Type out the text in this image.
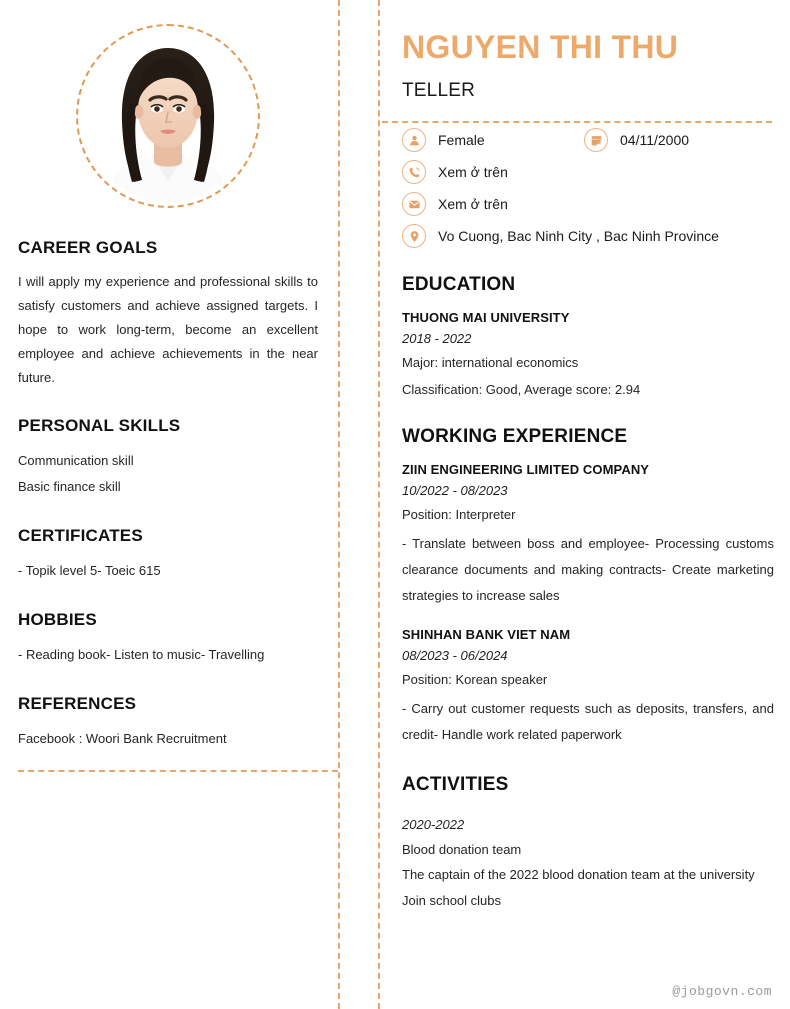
CAREER GOALS

I will apply my experience and professional skills to satisfy customers and achieve assigned targets. I hope to work long-term, become an excellent employee and achieve achievements in the near future.

PERSONAL SKILLS

Communication skill

Basic finance skill

CERTIFICATES

- Topik level 5- Toeic 615

HOBBIES

- Reading book- Listen to music- Travelling

REFERENCES

Facebook : Woori Bank Recruitment

NGUYEN THI THU
TELLER
Female	04/11/2000
Xem ở trên
Xem ở trên
Vo Cuong, Bac Ninh City , Bac Ninh Province
EDUCATION

THUONG MAI UNIVERSITY

2018 - 2022

Major: international economics

Classification: Good, Average score: 2.94

WORKING EXPERIENCE

ZIIN ENGINEERING LIMITED COMPANY

10/2022 - 08/2023

Position: Interpreter

- Translate between boss and employee- Processing customs clearance documents and making contracts- Create marketing strategies to increase sales

SHINHAN BANK VIET NAM

08/2023 - 06/2024

Position: Korean speaker

- Carry out customer requests such as deposits, transfers, and credit- Handle work related paperwork

ACTIVITIES

2020-2022

Blood donation team

The captain of the 2022 blood donation team at the university

Join school clubs

@jobgovn.com
